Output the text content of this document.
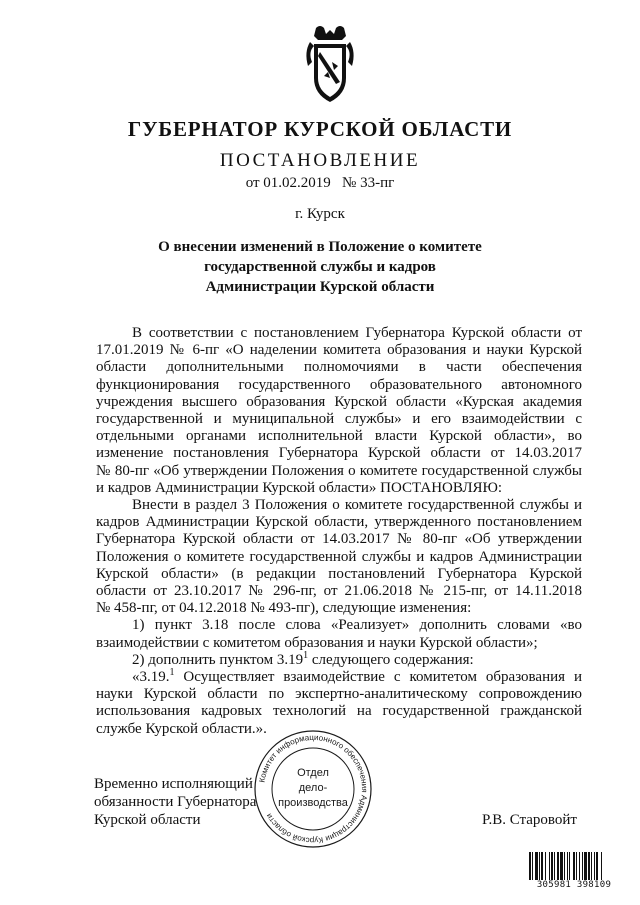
ГУБЕРНАТОР КУРСКОЙ ОБЛАСТИ
ПОСТАНОВЛЕНИЕ
от 01.02.2019   № 33-пг
г. Курск
О внесении изменений в Положение о комитете
государственной службы и кадров
Администрации Курской области
В соответствии с постановлением Губернатора Курской области от
17.01.2019 № 6-пг «О наделении комитета образования и науки Курской
области дополнительными полномочиями в части обеспечения
функционирования государственного образовательного автономного
учреждения высшего образования Курской области «Курская академия
государственной и муниципальной службы» и его взаимодействии с
отдельными органами исполнительной власти Курской области», во
изменение постановления Губернатора Курской области от 14.03.2017
№ 80-пг «Об утверждении Положения о комитете государственной службы
и кадров Администрации Курской области» ПОСТАНОВЛЯЮ:
Внести в раздел 3 Положения о комитете государственной службы и
кадров Администрации Курской области, утвержденного постановлением
Губернатора Курской области от 14.03.2017 № 80-пг «Об утверждении
Положения о комитете государственной службы и кадров Администрации
Курской области» (в редакции постановлений Губернатора Курской
области от 23.10.2017 № 296-пг, от 21.06.2018 № 215-пг, от 14.11.2018
№ 458-пг, от 04.12.2018 № 493-пг), следующие изменения:
1) пункт 3.18 после слова «Реализует» дополнить словами «во
взаимодействии с комитетом образования и науки Курской области»;
2) дополнить пунктом 3.19$^1$ следующего содержания:
«3.19.$^1$ Осуществляет взаимодействие с комитетом образования и
науки Курской области по экспертно-аналитическому сопровождению
использования кадровых технологий на государственной гражданской
службе Курской области.».
Временно исполняющий
обязанности Губернатора
Курской области
Комитет информационного обеспечения Администрации Курской области
Отдел
дело-
производства
Р.В. Старовойт
305981 398109
